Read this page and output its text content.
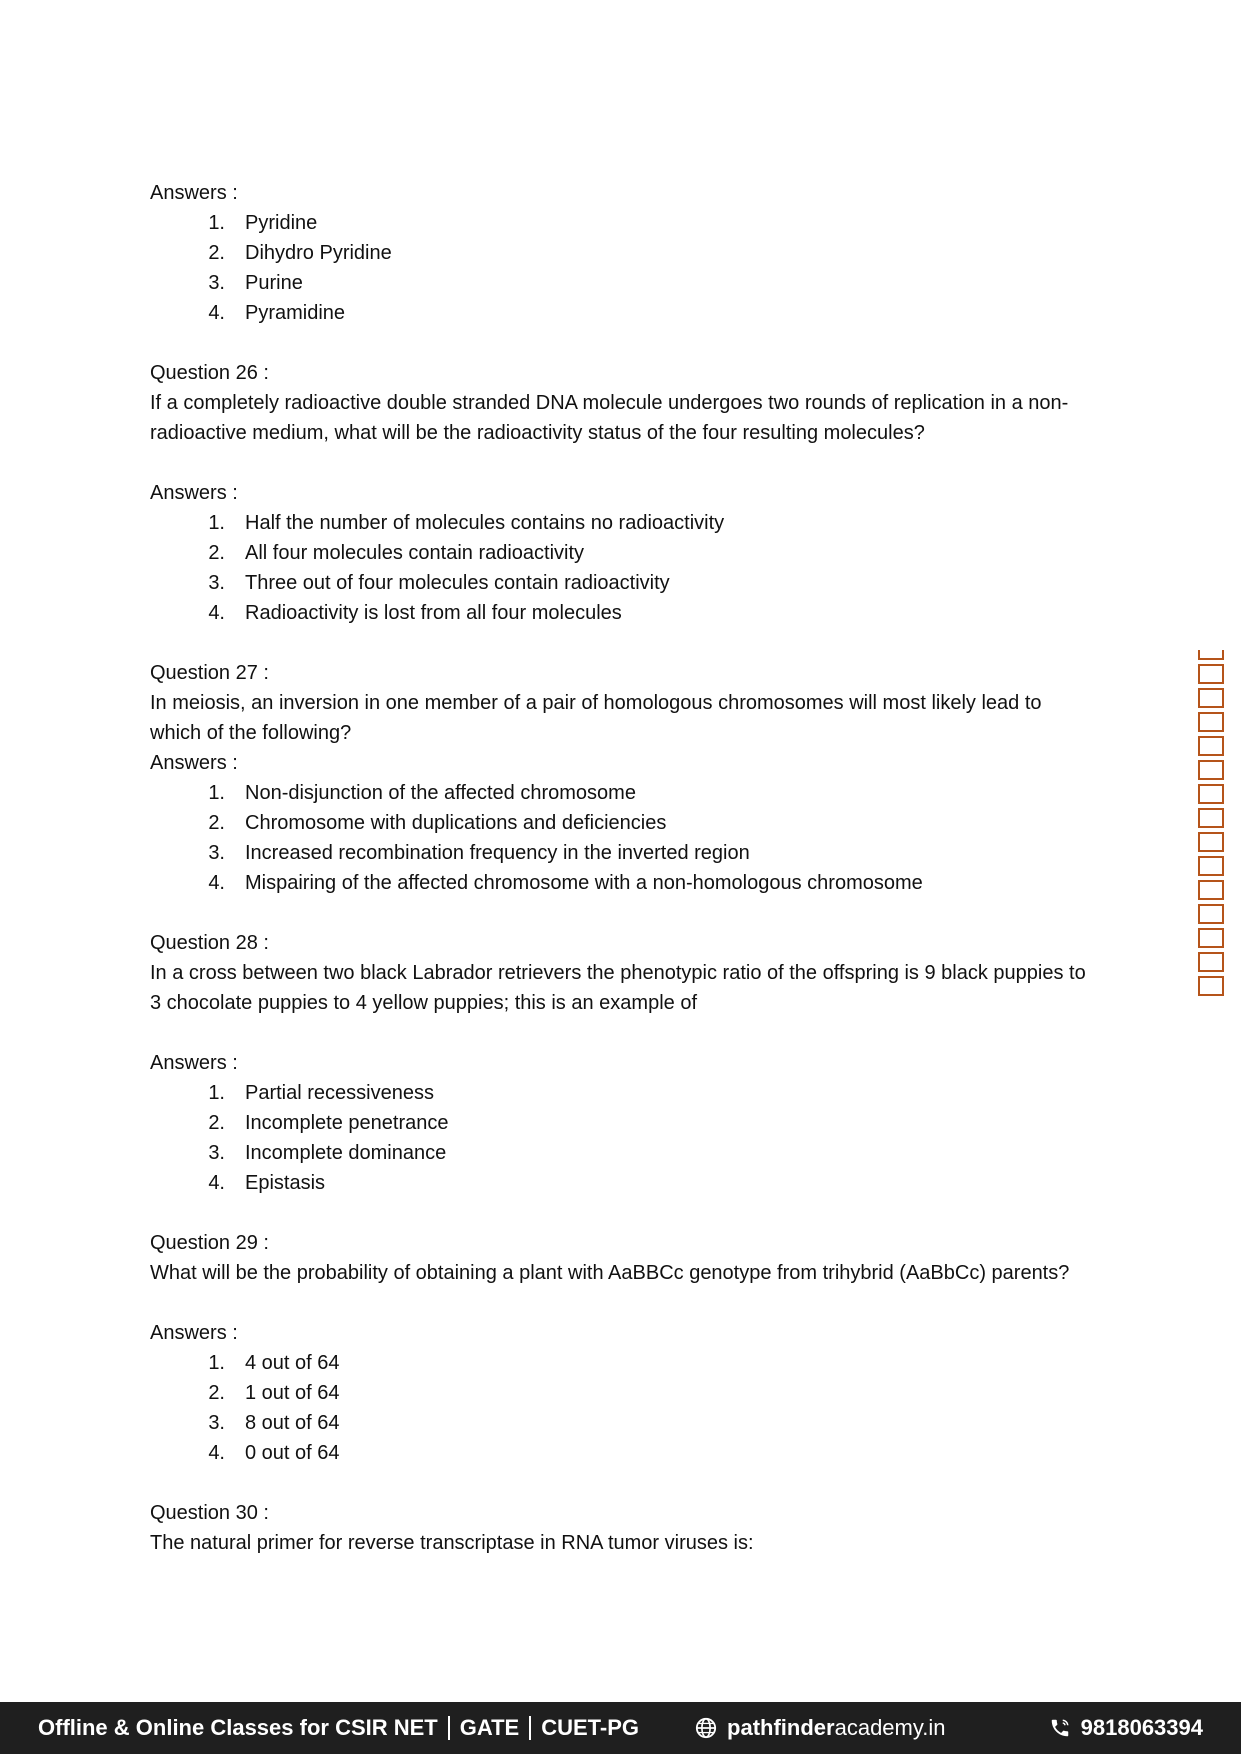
Answers :

1.	Pyridine
2.	Dihydro Pyridine
3.	Purine
4.	Pyramidine

Question 26 :

If a completely radioactive double stranded DNA molecule undergoes two rounds of replication in a non-radioactive medium, what will be the radioactivity status of the four resulting molecules?

Answers :

1.	Half the number of molecules contains no radioactivity
2.	All four molecules contain radioactivity
3.	Three out of four molecules contain radioactivity
4.	Radioactivity is lost from all four molecules

Question 27 :

In meiosis, an inversion in one member of a pair of homologous chromosomes will most likely lead to which of the following?

Answers :

1.	Non-disjunction of the affected chromosome
2.	Chromosome with duplications and deficiencies
3.	Increased recombination frequency in the inverted region
4.	Mispairing of the affected chromosome with a non-homologous chromosome

Question 28 :

In a cross between two black Labrador retrievers the phenotypic ratio of the offspring is 9 black puppies to 3 chocolate puppies to 4 yellow puppies; this is an example of

Answers :

1.	Partial recessiveness
2.	Incomplete penetrance
3.	Incomplete dominance
4.	Epistasis

Question 29 :

What will be the probability of obtaining a plant with AaBBCc genotype from trihybrid (AaBbCc) parents?

Answers :

1.	4 out of 64
2.	1 out of 64
3.	8 out of 64
4.	0 out of 64

Question 30 :

The natural primer for reverse transcriptase in RNA tumor viruses is:

Offline & Online Classes for CSIR NET GATE CUET-PG	pathfinder academy.in	9818063394
